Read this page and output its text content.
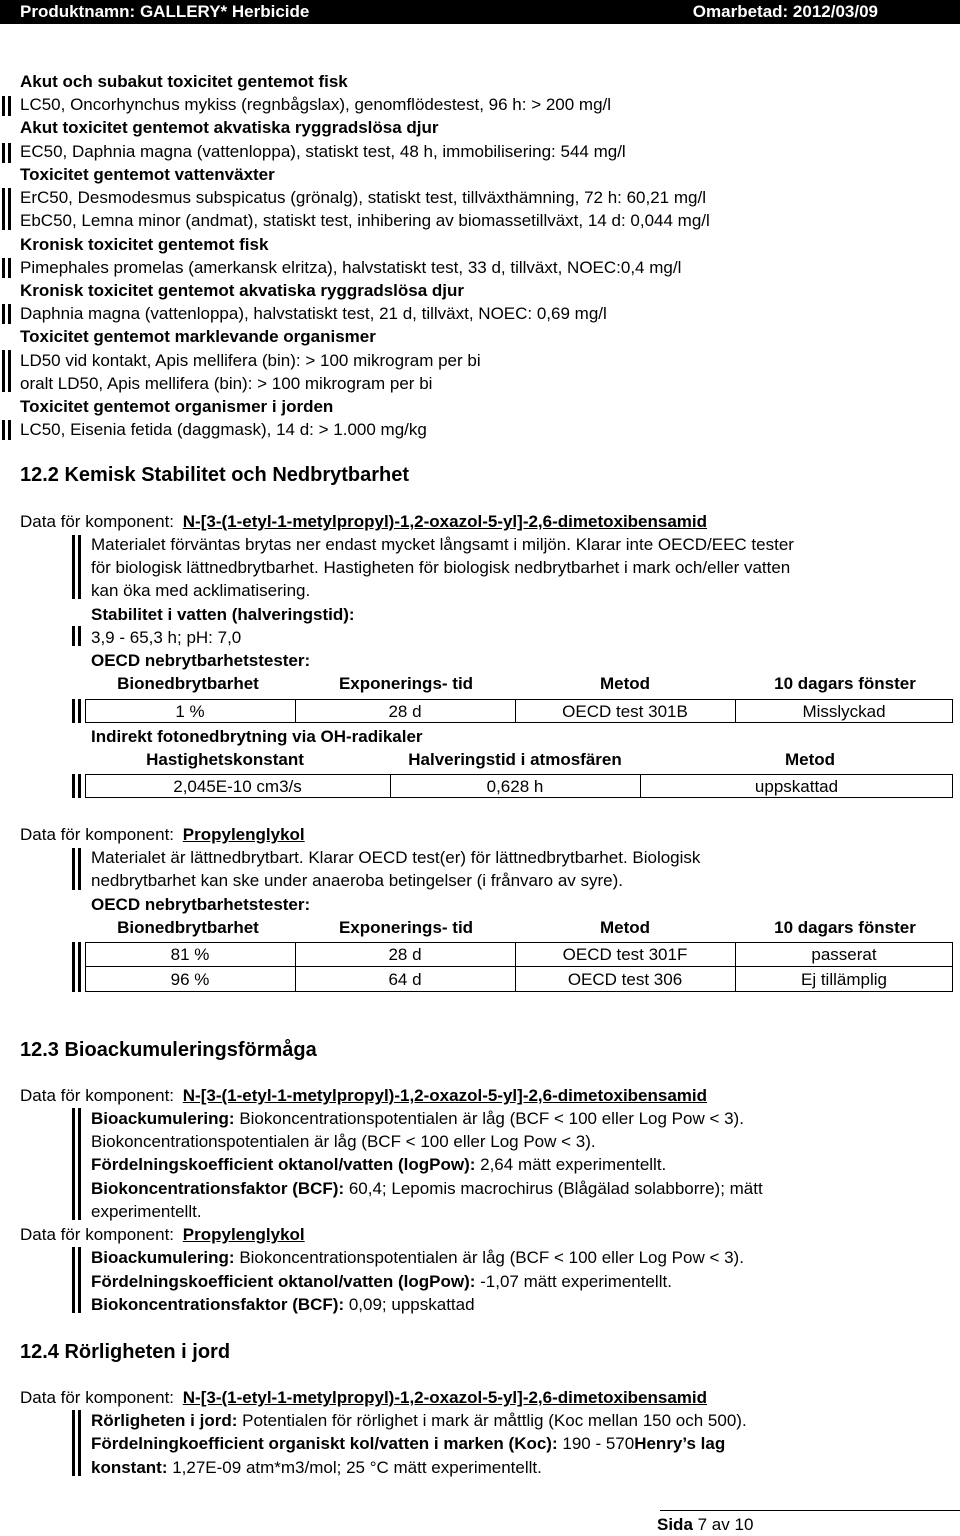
Produktnamn: GALLERY* Herbicide	Omarbetad: 2012/03/09
Akut och subakut toxicitet gentemot fisk
LC50, Oncorhynchus mykiss (regnbågslax), genomflödestest, 96 h: > 200 mg/l
Akut toxicitet gentemot akvatiska ryggradslösa djur
EC50, Daphnia magna (vattenloppa), statiskt test, 48 h, immobilisering: 544 mg/l
Toxicitet gentemot vattenväxter
ErC50, Desmodesmus subspicatus (grönalg), statiskt test, tillväxthämning, 72 h: 60,21 mg/l
EbC50, Lemna minor (andmat), statiskt test, inhibering av biomassetillväxt, 14 d: 0,044 mg/l
Kronisk toxicitet gentemot fisk
Pimephales promelas (amerkansk elritza), halvstatiskt test, 33 d, tillväxt, NOEC:0,4 mg/l
Kronisk toxicitet gentemot akvatiska ryggradslösa djur
Daphnia magna (vattenloppa), halvstatiskt test, 21 d, tillväxt, NOEC: 0,69 mg/l
Toxicitet gentemot marklevande organismer
LD50 vid kontakt, Apis mellifera (bin): > 100 mikrogram per bi
oralt LD50, Apis mellifera (bin): > 100 mikrogram per bi
Toxicitet gentemot organismer i jorden
LC50, Eisenia fetida (daggmask), 14 d: > 1.000 mg/kg
12.2 Kemisk Stabilitet och Nedbrytbarhet
Data för komponent: N-[3-(1-etyl-1-metylpropyl)-1,2-oxazol-5-yl]-2,6-dimetoxibensamid
Materialet förväntas brytas ner endast mycket långsamt i miljön. Klarar inte OECD/EEC tester
för biologisk lättnedbrytbarhet. Hastigheten för biologisk nedbrytbarhet i mark och/eller vatten
kan öka med acklimatisering.
Stabilitet i vatten (halveringstid):
3,9 - 65,3 h; pH: 7,0
OECD nebrytbarhetstester:
Bionedbrytbarhet	Exponerings- tid	Metod	10 dagars fönster
1 %	28 d	OECD test 301B	Misslyckad
Indirekt fotonedbrytning via OH-radikaler
Hastighetskonstant	Halveringstid i atmosfären	Metod
2,045E-10 cm3/s	0,628 h	uppskattad
Data för komponent: Propylenglykol
Materialet är lättnedbrytbart. Klarar OECD test(er) för lättnedbrytbarhet. Biologisk
nedbrytbarhet kan ske under anaeroba betingelser (i frånvaro av syre).
OECD nebrytbarhetstester:
Bionedbrytbarhet	Exponerings- tid	Metod	10 dagars fönster
81 %	28 d	OECD test 301F	passerat
96 %	64 d	OECD test 306	Ej tillämplig
12.3 Bioackumuleringsförmåga
Data för komponent: N-[3-(1-etyl-1-metylpropyl)-1,2-oxazol-5-yl]-2,6-dimetoxibensamid
Bioackumulering: Biokoncentrationspotentialen är låg (BCF < 100 eller Log Pow < 3).
Biokoncentrationspotentialen är låg (BCF < 100 eller Log Pow < 3).
Fördelningskoefficient oktanol/vatten (logPow): 2,64 mätt experimentellt.
Biokoncentrationsfaktor (BCF): 60,4; Lepomis macrochirus (Blågälad solabborre); mätt
experimentellt.
Data för komponent: Propylenglykol
Bioackumulering: Biokoncentrationspotentialen är låg (BCF < 100 eller Log Pow < 3).
Fördelningskoefficient oktanol/vatten (logPow): -1,07 mätt experimentellt.
Biokoncentrationsfaktor (BCF): 0,09; uppskattad
12.4 Rörligheten i jord
Data för komponent: N-[3-(1-etyl-1-metylpropyl)-1,2-oxazol-5-yl]-2,6-dimetoxibensamid
Rörligheten i jord: Potentialen för rörlighet i mark är måttlig (Koc mellan 150 och 500).
Fördelningkoefficient organiskt kol/vatten i marken (Koc): 190 - 570Henry’s lag
konstant: 1,27E-09 atm*m3/mol; 25 °C mätt experimentellt.
Sida 7 av 10
